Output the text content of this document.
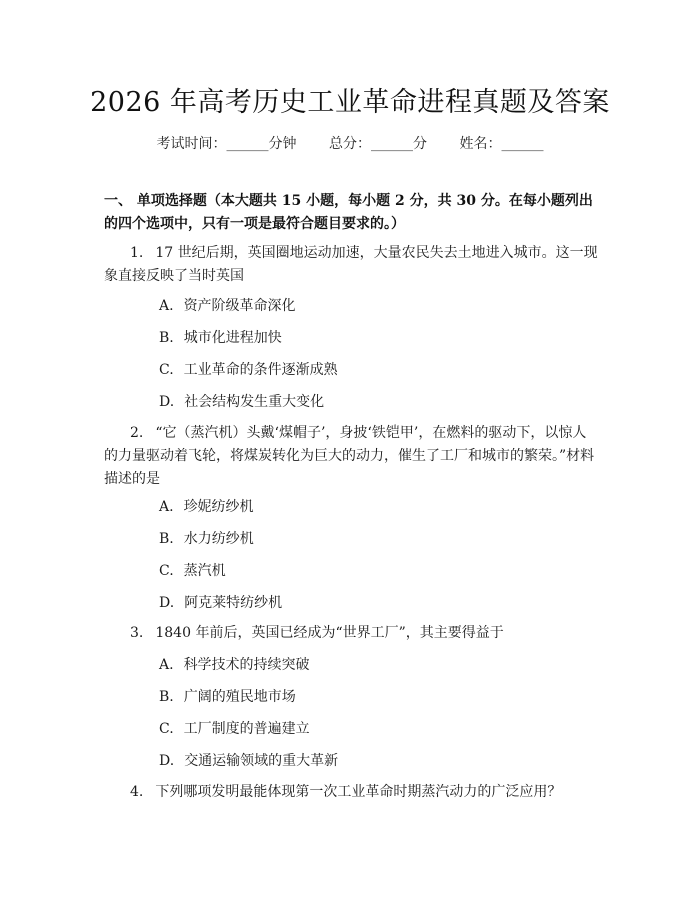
2026 年高考历史工业革命进程真题及答案
考试时间：______分钟 总分：______分 姓名：______
一、 单项选择题（本大题共 15 小题，每小题 2 分，共 30 分。在每小题列出的四个选项中，只有一项是最符合题目要求的。）
1. 17 世纪后期，英国圈地运动加速，大量农民失去土地进入城市。这一现象直接反映了当时英国
A. 资产阶级革命深化
B. 城市化进程加快
C. 工业革命的条件逐渐成熟
D. 社会结构发生重大变化
2. “它（蒸汽机）头戴‘煤帽子’，身披‘铁铠甲’，在燃料的驱动下，以惊人的力量驱动着飞轮，将煤炭转化为巨大的动力，催生了工厂和城市的繁荣。”材料描述的是
A. 珍妮纺纱机
B. 水力纺纱机
C. 蒸汽机
D. 阿克莱特纺纱机
3. 1840 年前后，英国已经成为“世界工厂”，其主要得益于
A. 科学技术的持续突破
B. 广阔的殖民地市场
C. 工厂制度的普遍建立
D. 交通运输领域的重大革新
4. 下列哪项发明最能体现第一次工业革命时期蒸汽动力的广泛应用？
